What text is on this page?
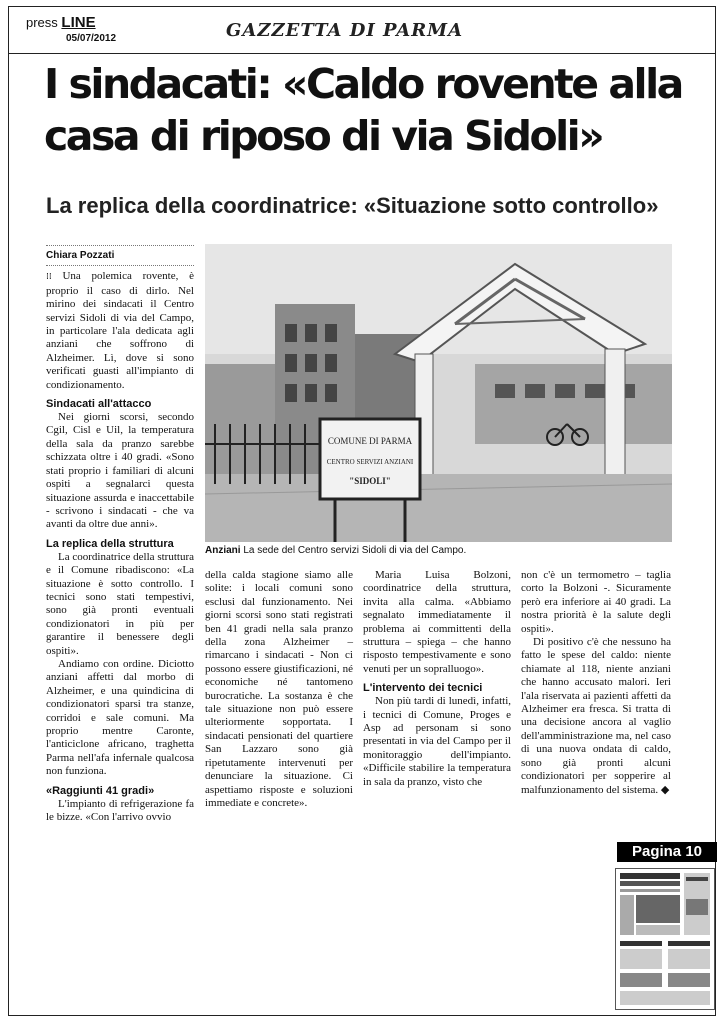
press LINE
05/07/2012	GAZZETTA DI PARMA
I sindacati: «Caldo rovente alla casa di riposo di via Sidoli»
La replica della coordinatrice: «Situazione sotto controllo»
Chiara Pozzati

⁞⁞ Una polemica rovente, è proprio il caso di dirlo. Nel mirino dei sindacati il Centro servizi Sidoli di via del Campo, in particolare l'ala dedicata agli anziani che soffrono di Alzheimer. Lì, dove si sono verificati guasti all'impianto di condizionamento.

Sindacati all'attacco

Nei giorni scorsi, secondo Cgil, Cisl e Uil, la temperatura della sala da pranzo sarebbe schizzata oltre i 40 gradi. «Sono stati proprio i familiari di alcuni ospiti a segnalarci questa situazione assurda e inaccettabile - scrivono i sindacati - che va avanti da oltre due anni».

La replica della struttura

La coordinatrice della struttura e il Comune ribadiscono: «La situazione è sotto controllo. I tecnici sono stati tempestivi, sono già pronti eventuali condizionatori in più per garantire il benessere degli ospiti».

Andiamo con ordine. Diciotto anziani affetti dal morbo di Alzheimer, e una quindicina di condizionatori sparsi tra stanze, corridoi e sale comuni. Ma proprio mentre Caronte, l'anticiclone africano, traghetta Parma nell'afa infernale qualcosa non funziona.

«Raggiunti 41 gradi»

L'impianto di refrigerazione fa le bizze. «Con l'arrivo ovvio

COMUNE DI PARMA
CENTRO SERVIZI ANZIANI
"SIDOLI"
Anziani La sede del Centro servizi Sidoli di via del Campo.

della calda stagione siamo alle solite: i locali comuni sono esclusi dal funzionamento. Nei giorni scorsi sono stati registrati ben 41 gradi nella sala pranzo della zona Alzheimer – rimarcano i sindacati - Non ci possono essere giustificazioni, né economiche né tantomeno burocratiche. La sostanza è che tale situazione non può essere ulteriormente sopportata. I sindacati pensionati del quartiere San Lazzaro sono già ripetutamente intervenuti per denunciare la situazione. Ci aspettiamo risposte e soluzioni immediate e concrete».

Maria Luisa Bolzoni, coordinatrice della struttura, invita alla calma. «Abbiamo segnalato immediatamente il problema ai committenti della struttura – spiega – che hanno risposto tempestivamente e sono venuti per un sopralluogo».

L'intervento dei tecnici

Non più tardi di lunedì, infatti, i tecnici di Comune, Proges e Asp ad personam si sono presentati in via del Campo per il monitoraggio dell'impianto. «Difficile stabilire la temperatura in sala da pranzo, visto che

non c'è un termometro – taglia corto la Bolzoni -. Sicuramente però era inferiore ai 40 gradi. La nostra priorità è la salute degli ospiti».

Di positivo c'è che nessuno ha fatto le spese del caldo: niente chiamate al 118, niente anziani che hanno accusato malori. Ieri l'ala riservata ai pazienti affetti da Alzheimer era fresca. Si tratta di una decisione ancora al vaglio dell'amministrazione ma, nel caso di una nuova ondata di caldo, sono già pronti alcuni condizionatori per sopperire al malfunzionamento del sistema. ◆

Pagina 10
